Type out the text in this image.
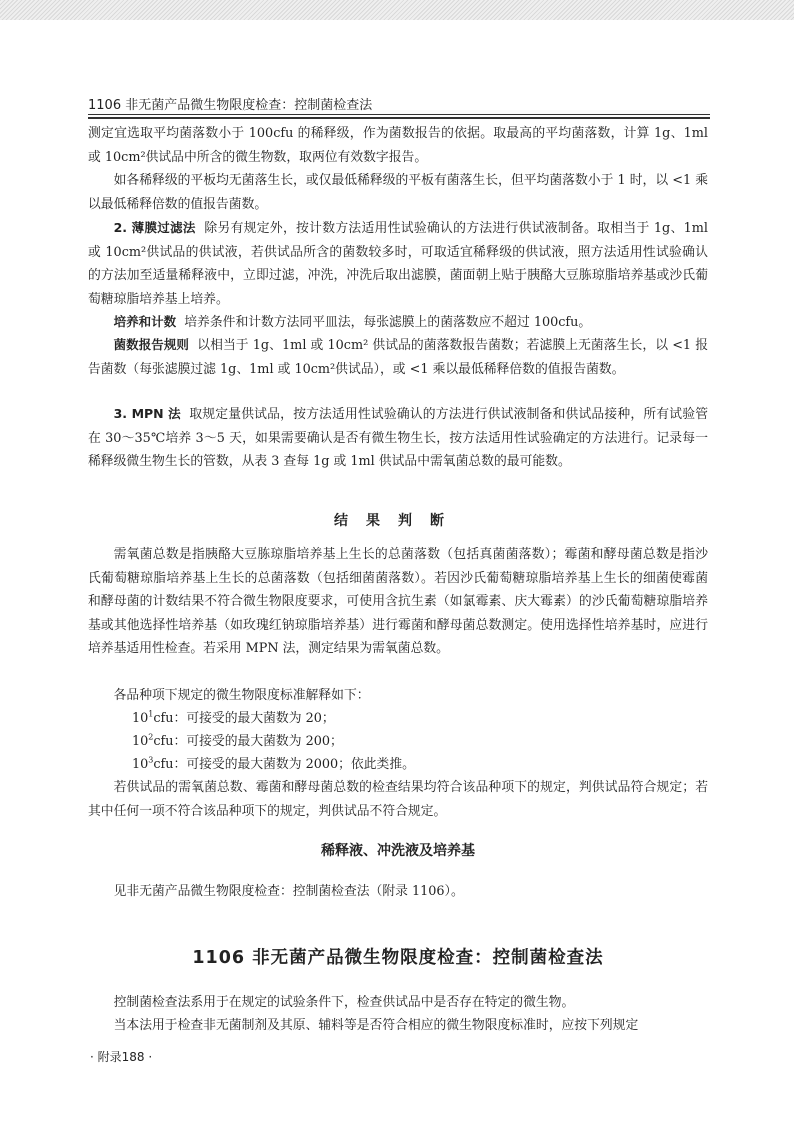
1106 非无菌产品微生物限度检查：控制菌检查法

测定宜选取平均菌落数小于 100cfu 的稀释级，作为菌数报告的依据。取最高的平均菌落数，计算 1g、1ml 或 10cm²供试品中所含的微生物数，取两位有效数字报告。

如各稀释级的平板均无菌落生长，或仅最低稀释级的平板有菌落生长，但平均菌落数小于 1 时，以 <1 乘以最低稀释倍数的值报告菌数。

2. 薄膜过滤法 除另有规定外，按计数方法适用性试验确认的方法进行供试液制备。取相当于 1g、1ml 或 10cm²供试品的供试液，若供试品所含的菌数较多时，可取适宜稀释级的供试液，照方法适用性试验确认的方法加至适量稀释液中，立即过滤，冲洗，冲洗后取出滤膜，菌面朝上贴于胰酪大豆胨琼脂培养基或沙氏葡萄糖琼脂培养基上培养。

培养和计数 培养条件和计数方法同平皿法，每张滤膜上的菌落数应不超过 100cfu。

菌数报告规则 以相当于 1g、1ml 或 10cm² 供试品的菌落数报告菌数；若滤膜上无菌落生长，以 <1 报告菌数（每张滤膜过滤 1g、1ml 或 10cm²供试品），或 <1 乘以最低稀释倍数的值报告菌数。

3. MPN 法 取规定量供试品，按方法适用性试验确认的方法进行供试液制备和供试品接种，所有试验管在 30～35℃培养 3～5 天，如果需要确认是否有微生物生长，按方法适用性试验确定的方法进行。记录每一稀释级微生物生长的管数，从表 3 查每 1g 或 1ml 供试品中需氧菌总数的最可能数。

结果判断

需氧菌总数是指胰酪大豆胨琼脂培养基上生长的总菌落数（包括真菌菌落数）；霉菌和酵母菌总数是指沙氏葡萄糖琼脂培养基上生长的总菌落数（包括细菌菌落数）。若因沙氏葡萄糖琼脂培养基上生长的细菌使霉菌和酵母菌的计数结果不符合微生物限度要求，可使用含抗生素（如氯霉素、庆大霉素）的沙氏葡萄糖琼脂培养基或其他选择性培养基（如玫瑰红钠琼脂培养基）进行霉菌和酵母菌总数测定。使用选择性培养基时，应进行培养基适用性检查。若采用 MPN 法，测定结果为需氧菌总数。

各品种项下规定的微生物限度标准解释如下：

$10^1cfu$：可接受的最大菌数为 20；

$10^2cfu$：可接受的最大菌数为 200；

$10^3cfu$：可接受的最大菌数为 2000；依此类推。

若供试品的需氧菌总数、霉菌和酵母菌总数的检查结果均符合该品种项下的规定，判供试品符合规定；若其中任何一项不符合该品种项下的规定，判供试品不符合规定。

稀释液、冲洗液及培养基

见非无菌产品微生物限度检查：控制菌检查法（附录 1106）。

1106 非无菌产品微生物限度检查：控制菌检查法

控制菌检查法系用于在规定的试验条件下，检查供试品中是否存在特定的微生物。

当本法用于检查非无菌制剂及其原、辅料等是否符合相应的微生物限度标准时，应按下列规定

· 附录188 ·
